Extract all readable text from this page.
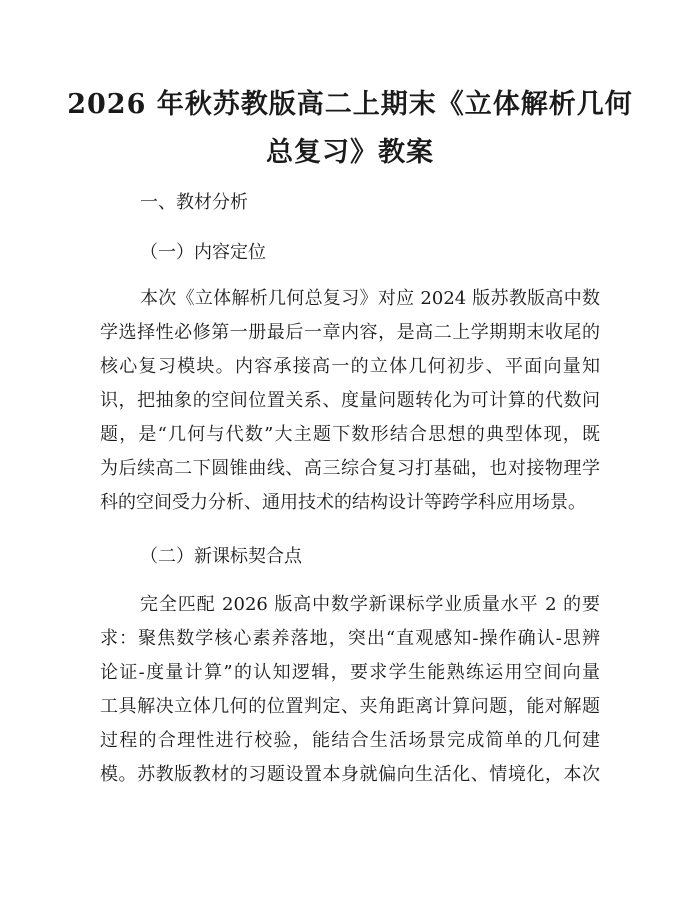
2026 年秋苏教版高二上期末《立体解析几何
总复习》教案

一、教材分析

（一）内容定位

本次《立体解析几何总复习》对应 2024 版苏教版高中数
学选择性必修第一册最后一章内容，是高二上学期期末收尾的
核心复习模块。内容承接高一的立体几何初步、平面向量知
识，把抽象的空间位置关系、度量问题转化为可计算的代数问
题，是“几何与代数”大主题下数形结合思想的典型体现，既
为后续高二下圆锥曲线、高三综合复习打基础，也对接物理学
科的空间受力分析、通用技术的结构设计等跨学科应用场景。

（二）新课标契合点

完全匹配 2026 版高中数学新课标学业质量水平 2 的要
求：聚焦数学核心素养落地，突出“直观感知-操作确认-思辨
论证-度量计算”的认知逻辑，要求学生能熟练运用空间向量
工具解决立体几何的位置判定、夹角距离计算问题，能对解题
过程的合理性进行校验，能结合生活场景完成简单的几何建
模。苏教版教材的习题设置本身就偏向生活化、情境化，本次
